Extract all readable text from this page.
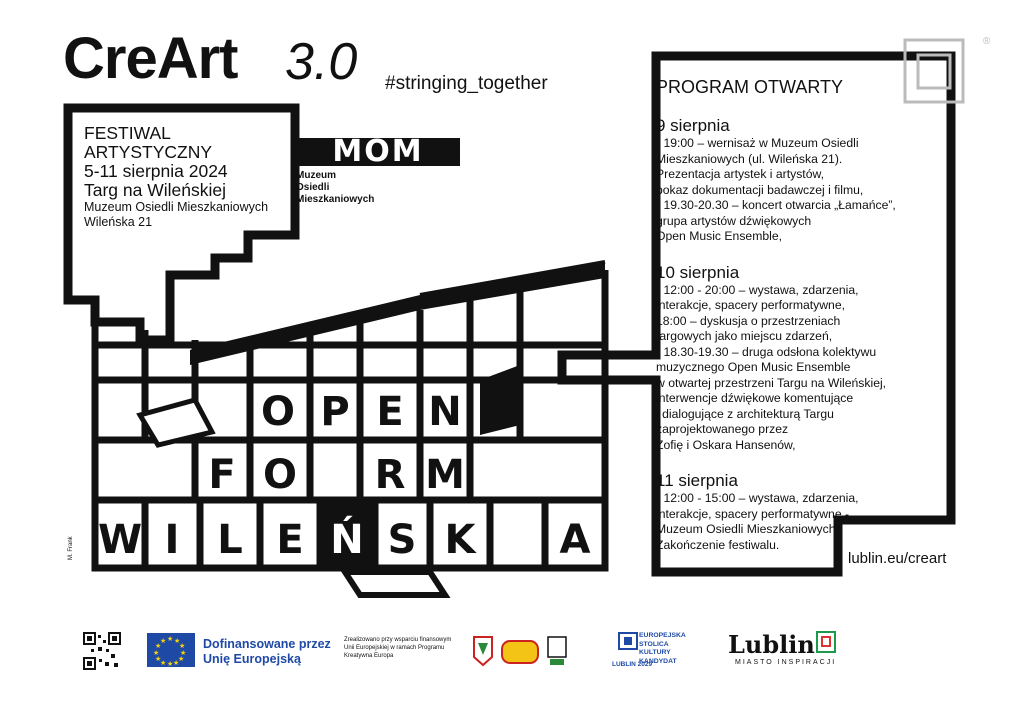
CreArt 3.0 #stringing_together
O P E N
F O R M
W I L E Ń S K A
®
FESTIWAL
ARTYSTYCZNY
5-11 sierpnia 2024
Targ na Wileńskiej
Muzeum Osiedli Mieszkaniowych
Wileńska 21
MOM
Muzeum
Osiedli
Mieszkaniowych
PROGRAM OTWARTY
9 sierpnia
- 19:00 – wernisaż w Muzeum Osiedli
Mieszkaniowych (ul. Wileńska 21).
Prezentacja artystek i artystów,
pokaz dokumentacji badawczej i filmu,
- 19.30-20.30 – koncert otwarcia „Łamańce”,
grupa artystów dźwiękowych
Open Music Ensemble,
10 sierpnia
- 12:00 - 20:00 – wystawa, zdarzenia,
interakcje, spacery performatywne,
18:00 – dyskusja o przestrzeniach
targowych jako miejscu zdarzeń,
- 18.30-19.30 – druga odsłona kolektywu
muzycznego Open Music Ensemble
w otwartej przestrzeni Targu na Wileńskiej,
interwencje dźwiękowe komentujące
i dialogujące z architekturą Targu
zaprojektowanego przez
Zofię i Oskara Hansenów,
11 sierpnia
- 12:00 - 15:00 – wystawa, zdarzenia,
interakcje, spacery performatywne -
Muzeum Osiedli Mieszkaniowych.
Zakończenie festiwalu.
lublin.eu/creart
M. Frank
★ ★
★
★
★
★
★
★
★
★
★
★	Dofinansowane przez
Unię Europejską
Zrealizowano przy wsparciu finansowym Unii Europejskiej w ramach Programu Kreatywna Europa
EUROPEJSKA
STOLICA
KULTURY
KANDYDAT
LUBLIN 2029
Lublin
MIASTO INSPIRACJI
